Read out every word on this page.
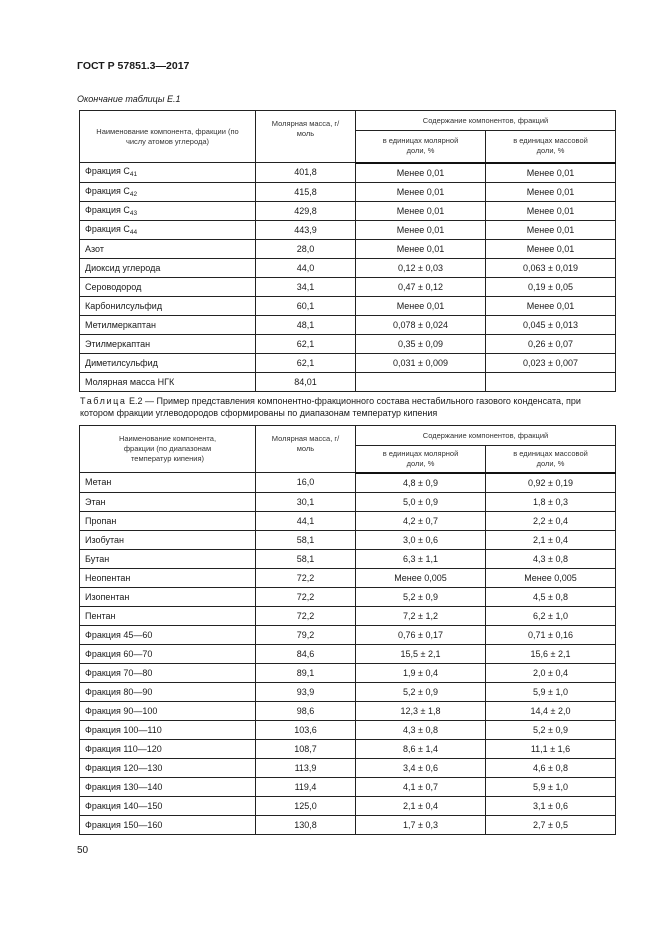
ГОСТ Р 57851.3—2017
Окончание таблицы Е.1
Наименование компонента, фракции (по числу атомов углерода)	Молярная масса, г/моль	Содержание компонентов, фракций	
		в единицах молярной доли, %	в единицах массовой доли, %
Фракция $C_{41}$	401,8	Менее 0,01	Менее 0,01
Фракция $C_{42}$	415,8	Менее 0,01	Менее 0,01
Фракция $C_{43}$	429,8	Менее 0,01	Менее 0,01
Фракция $C_{44}$	443,9	Менее 0,01	Менее 0,01
Азот	28,0	Менее 0,01	Менее 0,01
Диоксид углерода	44,0	0,12 ± 0,03	0,063 ± 0,019
Сероводород	34,1	0,47 ± 0,12	0,19 ± 0,05
Карбонилсульфид	60,1	Менее 0,01	Менее 0,01
Метилмеркаптан	48,1	0,078 ± 0,024	0,045 ± 0,013
Этилмеркаптан	62,1	0,35 ± 0,09	0,26 ± 0,07
Диметилсульфид	62,1	0,031 ± 0,009	0,023 ± 0,007
Молярная масса НГК	84,01		
Таблица Е.2 — Пример представления компонентно-фракционного состава нестабильного газового конденсата, при котором фракции углеводородов сформированы по диапазонам температур кипения
Наименование компонента, фракции (по диапазонам температур кипения)	Молярная масса, г/моль	Содержание компонентов, фракций	
		в единицах молярной доли, %	в единицах массовой доли, %
Метан	16,0	4,8 ± 0,9	0,92 ± 0,19
Этан	30,1	5,0 ± 0,9	1,8 ± 0,3
Пропан	44,1	4,2 ± 0,7	2,2 ± 0,4
Изобутан	58,1	3,0 ± 0,6	2,1 ± 0,4
Бутан	58,1	6,3 ± 1,1	4,3 ± 0,8
Неопентан	72,2	Менее 0,005	Менее 0,005
Изопентан	72,2	5,2 ± 0,9	4,5 ± 0,8
Пентан	72,2	7,2 ± 1,2	6,2 ± 1,0
Фракция 45—60	79,2	0,76 ± 0,17	0,71 ± 0,16
Фракция 60—70	84,6	15,5 ± 2,1	15,6 ± 2,1
Фракция 70—80	89,1	1,9 ± 0,4	2,0 ± 0,4
Фракция 80—90	93,9	5,2 ± 0,9	5,9 ± 1,0
Фракция 90—100	98,6	12,3 ± 1,8	14,4 ± 2,0
Фракция 100—110	103,6	4,3 ± 0,8	5,2 ± 0,9
Фракция 110—120	108,7	8,6 ± 1,4	11,1 ± 1,6
Фракция 120—130	113,9	3,4 ± 0,6	4,6 ± 0,8
Фракция 130—140	119,4	4,1 ± 0,7	5,9 ± 1,0
Фракция 140—150	125,0	2,1 ± 0,4	3,1 ± 0,6
Фракция 150—160	130,8	1,7 ± 0,3	2,7 ± 0,5
50
